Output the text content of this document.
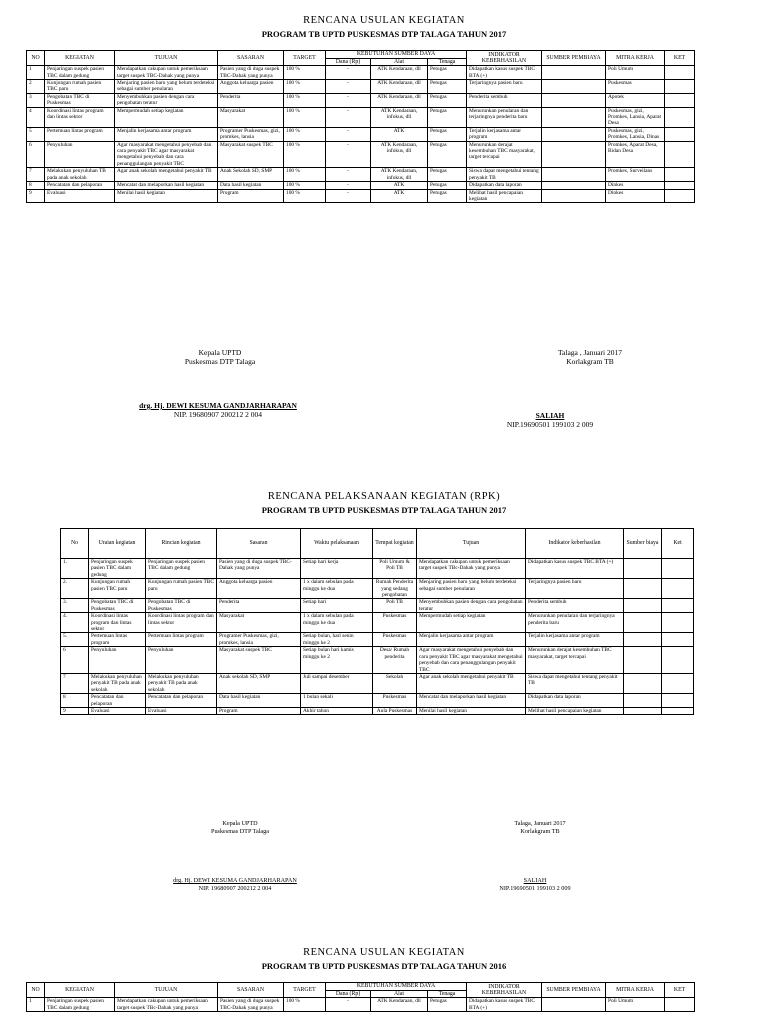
RENCANA USULAN KEGIATAN
PROGRAM TB UPTD PUSKESMAS DTP TALAGA TAHUN 2017
NO	KEGIATAN	TUJUAN	SASARAN	TARGET	KEBUTUHAN SUMBER DAYA			INDIKATOR KEBERHASILAN	SUMBER PEMBIAYA	MITRA KERJA	KET
					Dana (Rp)	Alat	Tenaga				
1	Penjaringan suspek pasien TBC dalam gedung	Mendapatkan cakupan untuk pemeriksaan target suspek TBC-Dahak yang punya	Pasien yang di duga suspek TBC-Dahak yang punya	100 %	-	ATK Kendaraan, dll	Petugas	Didapatkan kasus suspek TBC BTA (+)		Poli Umum	
2	Kunjungan rumah pasien TBC paru	Menjaring pasien baru yang belum terdeteksi sebagai sumber penularan	Anggota keluarga pasien	100 %	-	ATK Kendaraan, dll	Petugas	Terjaringnya pasien baru		Puskesmas	
3	Pengobatan TBC di Puskesmas	Menyembuhkan pasien dengan cara pengobatan teratur	Penderita	100 %	-	ATK Kendaraan, dll	Petugas	Penderita sembuh		Apotek	
4	Koordinasi lintas program dan lintas sektor	Mempermudah setiap kegiatan	Masyarakat	100 %	-	ATK Kendaraan, infokus, dll	Petugas	Menurunkan penularan dan terjaringnya penderita baru		Puskesmas, gizi, Promkes, Lansia, Aparat Desa	
5	Pertemuan lintas program	Menjalin kerjasama antar program	Programer Puskesmas, gizi, promkes, lansia	100 %	-	ATK	Petugas	Terjalin kerjasama antar program		Puskesmas, gizi, Promkes, Lansia, Dinas	
6	Penyuluhan	Agar masyarakat mengetahui penyebab dan cara penyakit TBC agar masyarakat mengetahui penyebab dan cara penanggulangan penyakit TBC	Masyarakat suspek TBC	100 %	-	ATK Kendaraan, infokus, dll	Petugas	Menurunkan derajat kesembuhan TBC masyarakat, target tercapai		Promkes, Aparat Desa, Bidan Desa	
7	Melakukan penyuluhan TB pada anak sekolah	Agar anak sekolah mengetahui penyakit TB	Anak Sekolah SD, SMP	100 %	-	ATK Kendaraan, infokus, dll	Petugas	Siswa dapat mengetahui tentang penyakit TB		Promkes, Surveilans	
8	Pencatatan dan pelaporan	Mencatat dan melaporkan hasil kegiatan	Data hasil kegiatan	100 %	-	ATK	Petugas	Didapatkan data laporan		Dinkes	
9	Evaluasi	Menilai hasil kegiatan	Program	100 %	-	ATK	Petugas	Melihat hasil pencapaian kegiatan		Dinkes	
Kepala UPTD
Puskesmas DTP Talaga
Talaga , Januari 2017
Korlakgram TB
drg. Hj. DEWI KESUMA GANDJARHARAPAN
NIP. 19680907 200212 2 004	SALIAH
NIP.19690501 199103 2 009
RENCANA PELAKSANAAN KEGIATAN (RPK)
PROGRAM TB UPTD PUSKESMAS DTP TALAGA TAHUN 2017
No	Uraian kegiatan	Rincian kegiatan	Sasaran	Waktu pelaksanaan	Tempat kegiatan	Tujuan	Indikator keberhasilan	Sumber biaya	Ket
1.	Penjaringan suspek pasien TBC dalam gedung	Penjaringan suspek pasien TBC dalam gedung	Pasien yang di duga suspek TBC-Dahak yang punya	Setiap hari kerja	Poli Umum & Poli TB	Mendapatkan cakupan untuk pemeriksaan target suspek TBc-Dahak yang punya	Didapatkan kasus suspek TBC BTA (+)		
2.	Kunjungan rumah pasien TBC paru	Kunjungan rumah pasien TBC paru	Anggota keluarga pasien	1 x dalam sebulan pada minggu ke dua	Rumah Penderita yang sedang pengobatan	Menjaring pasien baru yang belum terdeteksi sebagai sumber penularan	Terjaringnya pasien baru		
3.	Pengobatan TBC di Puskesmas	Pengobatan TBC di Puskesmas	Penderita	Setiap hari	Poli TB	Menyembuhkan pasien dengan cara pengobatan teratur	Penderita sembuh		
4.	Koordinasi lintas program dan lintas sektor	Koordinasi lintas program dan lintas sektor	Masyarakat	1 x dalam sebulan pada minggu ke dua	Puskesmas	Mempermudah setiap kegiatan	Menurunkan penularan dan terjaringnya penderita baru		
5.	Pertemuan lintas program	Pertemuan lintas program	Programer Puskesmas, gizi, promkes, lansia	Setiap bulan, hari senin minggu ke 2	Puskesmas	Menjalin kerjasama antar program	Terjalin kerjasama antar program		
6	Penyuluhan	Penyuluhan	Masyarakat suspek TBC	Setiap bulan hari kamis minggu ke 2	Desa/ Rumah penderita	Agar masyarakat mengetahui penyebab dan cara penyakit TBC agar masyarakat mengetahui penyebab dan cara penanggulangan penyakit TBC	Menurunkan derajat kesembuhan TBC masyarakat, target tercapai		
7	Melakukan penyuluhan penyakit TB pada anak sekolah	Melakukan penyuluhan penyakit TB pada anak sekolah	Anak sekolah SD, SMP	Juli sampai desember	Sekolah	Agar anak sekolah mengetahui penyakit TB	Siswa dapat mengetahui tentang penyakit TB		
8	Pencatatan dan pelaporan	Pencatatan dan pelaporan	Data hasil kegiatan	1 bulan sekali	Puskesmas	Mencatat dan melaporkan hasil kegiatan	Didapatkan data laporan		
9	Evaluasi	Evaluasi	Program	Akhir tahun	Aula Puskesmas	Menilai hasil kegiatan	Melihat hasil pencapaian kegiatan		
Kepala UPTD
Puskesmas DTP Talaga
Talaga, Januari 2017
Korlakgram TB
drg. Hj. DEWI KESUMA GANDJARHARAPAN
NIP. 19680907 200212 2 004
SALIAH
NIP.19690501 199103 2 009
RENCANA USULAN KEGIATAN
PROGRAM TB UPTD PUSKESMAS DTP TALAGA TAHUN 2016
NO	KEGIATAN	TUJUAN	SASARAN	TARGET	KEBUTUHAN SUMBER DAYA			INDIKATOR KEBERHASILAN	SUMBER PEMBIAYA	MITRA KERJA	KET
					Dana (Rp)	Alat	Tenaga				
1	Penjaringan suspek pasien TBC dalam gedung	Mendapatkan cakupan untuk pemeriksaan target suspek TBc-Dahak yang punya	Pasien yang di duga suspek TBC-Dahak yang punya	100 %	-	ATK Kendaraan, dll	Petugas	Didapatkan kasus suspek TBC BTA (+)		Poli Umum	
